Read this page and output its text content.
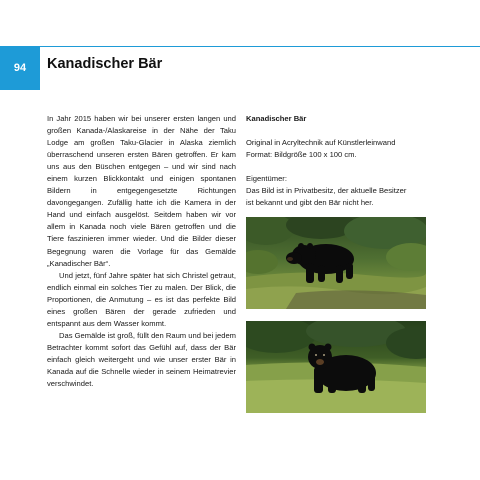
94	Kanadischer Bär

In Jahr 2015 haben wir bei unserer ersten langen und großen Kanada-/Alaskareise in der Nähe der Taku Lodge am großen Taku-Glacier in Alaska ziemlich überraschend unseren ersten Bären getroffen. Er kam uns aus den Büschen entgegen – und wir sind nach einem kurzen Blickkontakt und einigen spontanen Bildern in entgegengesetzte Richtungen davongegangen. Zufällig hatte ich die Kamera in der Hand und einfach ausgelöst. Seitdem haben wir vor allem in Kanada noch viele Bären getroffen und die Tiere faszinieren immer wieder. Und die Bilder dieser Begegnung waren die Vorlage für das Gemälde „Kanadischer Bär“.

Und jetzt, fünf Jahre später hat sich Christel getraut, endlich einmal ein solches Tier zu malen. Der Blick, die Proportionen, die Anmutung – es ist das perfekte Bild eines großen Bären der gerade zufrieden und entspannt aus dem Wasser kommt.

Das Gemälde ist groß, füllt den Raum und bei jedem Betrachter kommt sofort das Gefühl auf, dass der Bär einfach gleich weitergeht und wie unser erster Bär in Kanada auf die Schnelle wieder in seinem Heimatrevier verschwindet.

Kanadischer Bär
Original in Acryltechnik auf Künstlerleinwand
Format: Bildgröße 100 x 100 cm.
Eigentümer:
Das Bild ist in Privatbesitz, der aktuelle Besitzer
ist bekannt und gibt den Bär nicht her.
